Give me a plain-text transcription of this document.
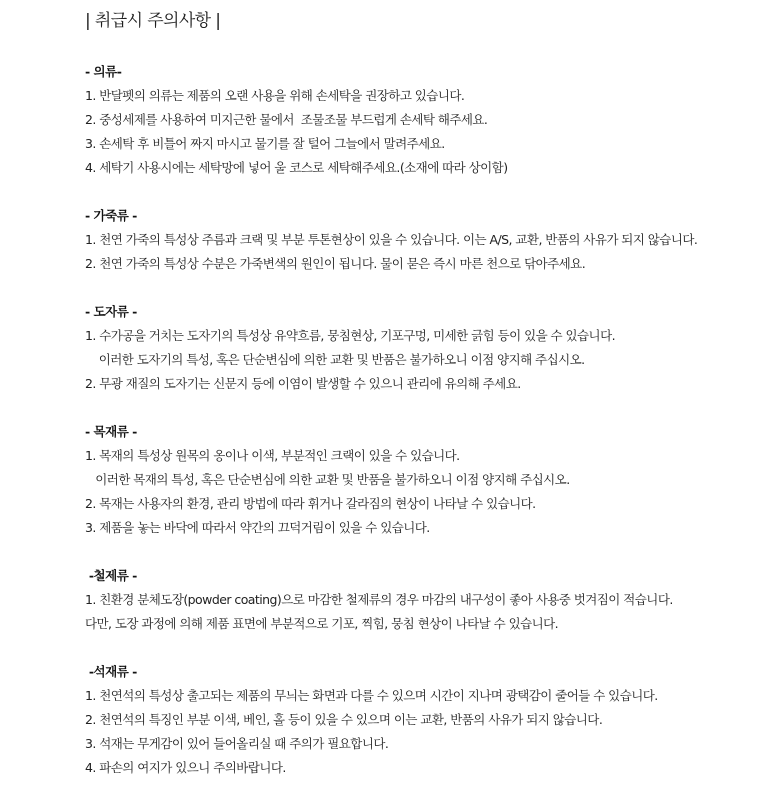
| 취급시 주의사항 |
- 의류-
1. 반달펫의 의류는 제품의 오랜 사용을 위해 손세탁을 권장하고 있습니다.
2. 중성세제를 사용하여 미지근한 물에서  조물조물 부드럽게 손세탁 해주세요.
3. 손세탁 후 비틀어 짜지 마시고 물기를 잘 털어 그늘에서 말려주세요.
4. 세탁기 사용시에는 세탁망에 넣어 울 코스로 세탁해주세요.(소재에 따라 상이함)
- 가죽류 -
1. 천연 가죽의 특성상 주름과 크랙 및 부분 투톤현상이 있을 수 있습니다. 이는 A/S, 교환, 반품의 사유가 되지 않습니다.
2. 천연 가죽의 특성상 수분은 가죽변색의 원인이 됩니다. 물이 묻은 즉시 마른 천으로 닦아주세요.
- 도자류 -
1. 수가공을 거치는 도자기의 특성상 유약흐름, 뭉침현상, 기포구멍, 미세한 긁힘 등이 있을 수 있습니다.
이러한 도자기의 특성, 혹은 단순변심에 의한 교환 및 반품은 불가하오니 이점 양지해 주십시오.
2. 무광 재질의 도자기는 신문지 등에 이염이 발생할 수 있으니 관리에 유의해 주세요.
- 목재류 -
1. 목재의 특성상 원목의 옹이나 이색, 부분적인 크랙이 있을 수 있습니다.
이러한 목재의 특성, 혹은 단순변심에 의한 교환 및 반품을 불가하오니 이점 양지해 주십시오.
2. 목재는 사용자의 환경, 관리 방법에 따라 휘거나 갈라짐의 현상이 나타날 수 있습니다.
3. 제품을 놓는 바닥에 따라서 약간의 끄덕거림이 있을 수 있습니다.
-철제류 -
1. 친환경 분체도장(powder coating)으로 마감한 철제류의 경우 마감의 내구성이 좋아 사용중 벗겨짐이 적습니다.
다만, 도장 과정에 의해 제품 표면에 부분적으로 기포, 찍힘, 뭉침 현상이 나타날 수 있습니다.
-석재류 -
1. 천연석의 특성상 출고되는 제품의 무늬는 화면과 다를 수 있으며 시간이 지나며 광택감이 줄어들 수 있습니다.
2. 천연석의 특징인 부분 이색, 베인, 홀 등이 있을 수 있으며 이는 교환, 반품의 사유가 되지 않습니다.
3. 석재는 무게감이 있어 들어올리실 때 주의가 필요합니다.
4. 파손의 여지가 있으니 주의바랍니다.
